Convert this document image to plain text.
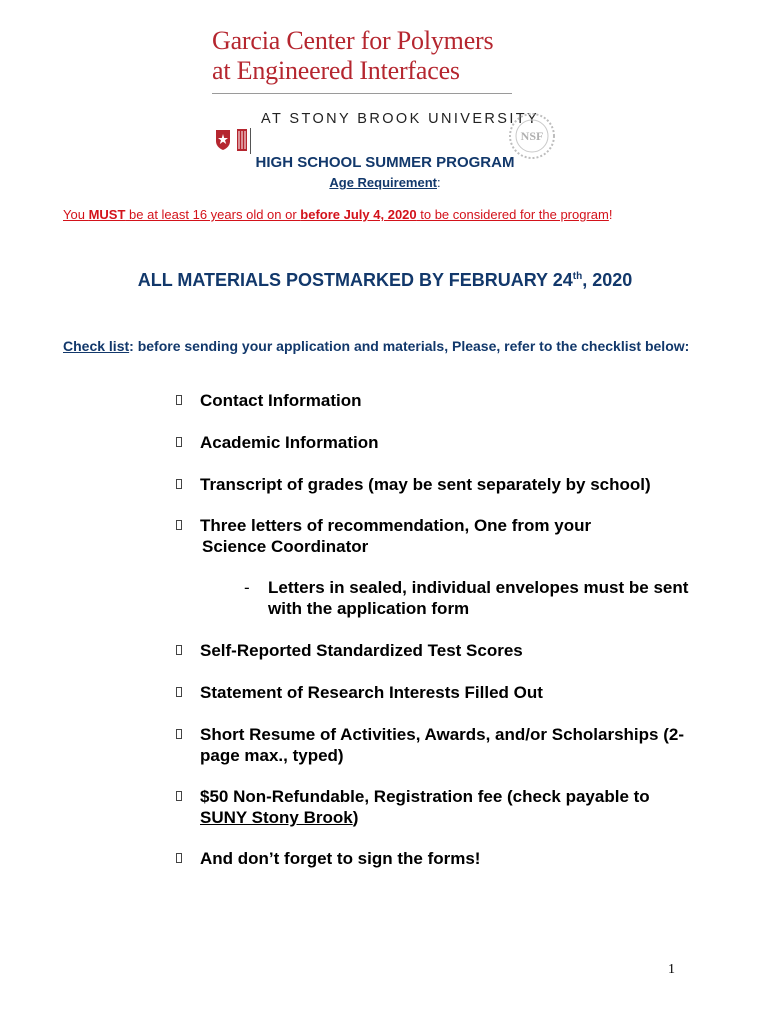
Garcia Center for Polymers
at Engineered Interfaces
AT STONY BROOK UNIVERSITY
NSF
HIGH SCHOOL SUMMER PROGRAM
Age Requirement:
You MUST be at least 16 years old on or before July 4, 2020 to be considered for the program!
ALL MATERIALS POSTMARKED BY FEBRUARY 24th, 2020
Check list: before sending your application and materials, Please, refer to the checklist below:
Contact Information
Academic Information
Transcript of grades (may be sent separately by school)
Three letters of recommendation, One from your
Science Coordinator
- Letters in sealed, individual envelopes must be sent
with the application form
Self-Reported Standardized Test Scores
Statement of Research Interests Filled Out
Short Resume of Activities, Awards, and/or Scholarships (2-
page max., typed)
$50 Non-Refundable, Registration fee (check payable to
SUNY Stony Brook)
And don’t forget to sign the forms!
1
